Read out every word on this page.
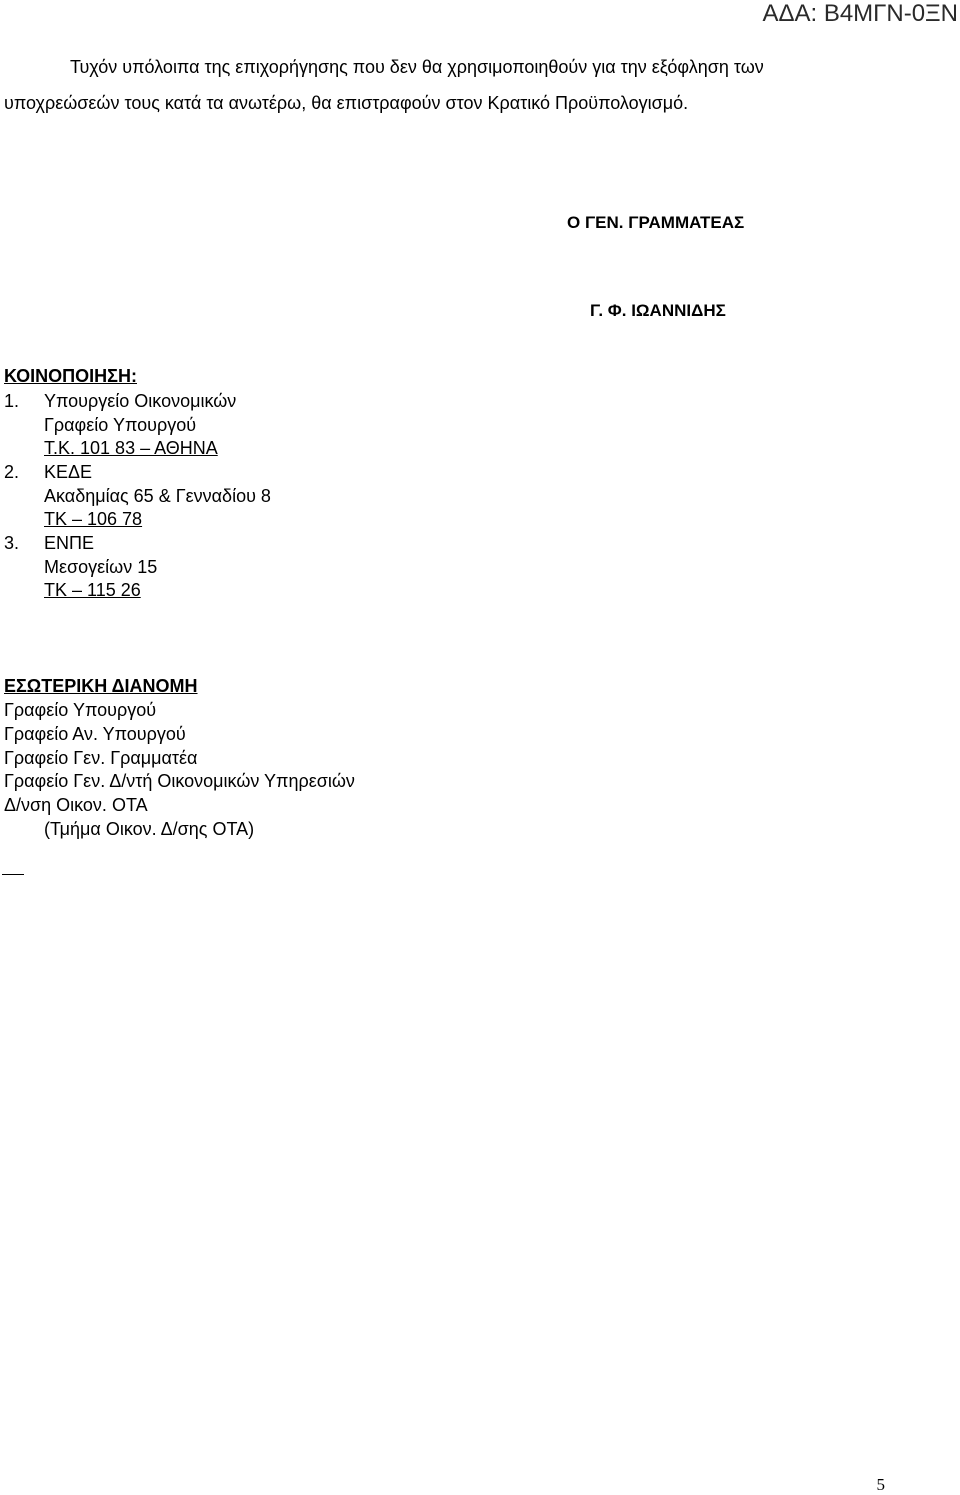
ΑΔΑ: Β4ΜΓΝ-0ΞΝ
Τυχόν υπόλοιπα της επιχορήγησης που δεν θα χρησιμοποιηθούν για την εξόφληση των
υποχρεώσεών τους κατά τα ανωτέρω, θα επιστραφούν στον Κρατικό Προϋπολογισμό.
Ο ΓΕΝ. ΓΡΑΜΜΑΤΕΑΣ
Γ. Φ. ΙΩΑΝΝΙΔΗΣ
ΚΟΙΝΟΠΟΙΗΣΗ:
1. Υπουργείο Οικονομικών
Γραφείο Υπουργού
Τ.Κ. 101 83 – ΑΘΗΝΑ
2. ΚΕΔΕ
Ακαδημίας 65 & Γενναδίου 8
ΤΚ – 106 78
3. ΕΝΠΕ
Μεσογείων 15
ΤΚ – 115 26
ΕΣΩΤΕΡΙΚΗ ΔΙΑΝΟΜΗ
Γραφείο Υπουργού
Γραφείο Αν. Υπουργού
Γραφείο Γεν. Γραμματέα
Γραφείο Γεν. Δ/ντή Οικονομικών Υπηρεσιών
Δ/νση Οικον. ΟΤΑ
(Τμήμα Οικον. Δ/σης ΟΤΑ)
5
